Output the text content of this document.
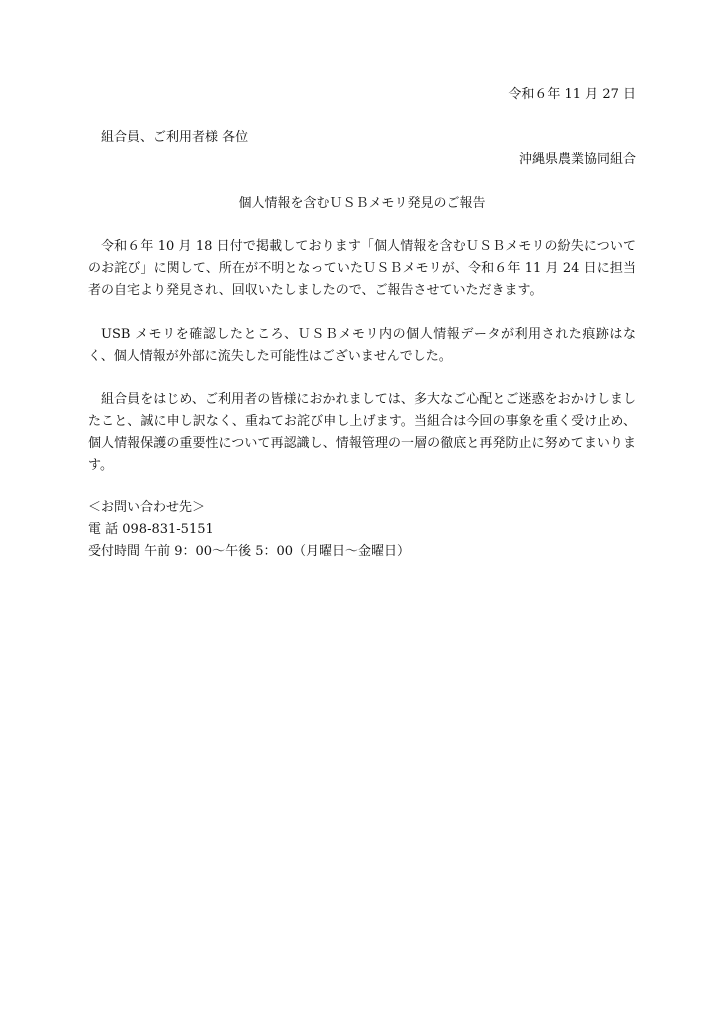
令和６年 11 月 27 日
組合員、ご利用者様 各位
沖縄県農業協同組合
個人情報を含むＵＳＢメモリ発見のご報告
令和６年 10 月 18 日付で掲載しております「個人情報を含むＵＳＢメモリの紛失についてのお詫び」に関して、所在が不明となっていたＵＳＢメモリが、令和６年 11 月 24 日に担当者の自宅より発見され、回収いたしましたので、ご報告させていただきます。
USB メモリを確認したところ、ＵＳＢメモリ内の個人情報データが利用された痕跡はなく、個人情報が外部に流失した可能性はございませんでした。
組合員をはじめ、ご利用者の皆様におかれましては、多大なご心配とご迷惑をおかけしましたこと、誠に申し訳なく、重ねてお詫び申し上げます。当組合は今回の事象を重く受け止め、個人情報保護の重要性について再認識し、情報管理の一層の徹底と再発防止に努めてまいります。
＜お問い合わせ先＞
電 話 098-831-5151
受付時間 午前 9：00～午後 5：00（月曜日～金曜日）
